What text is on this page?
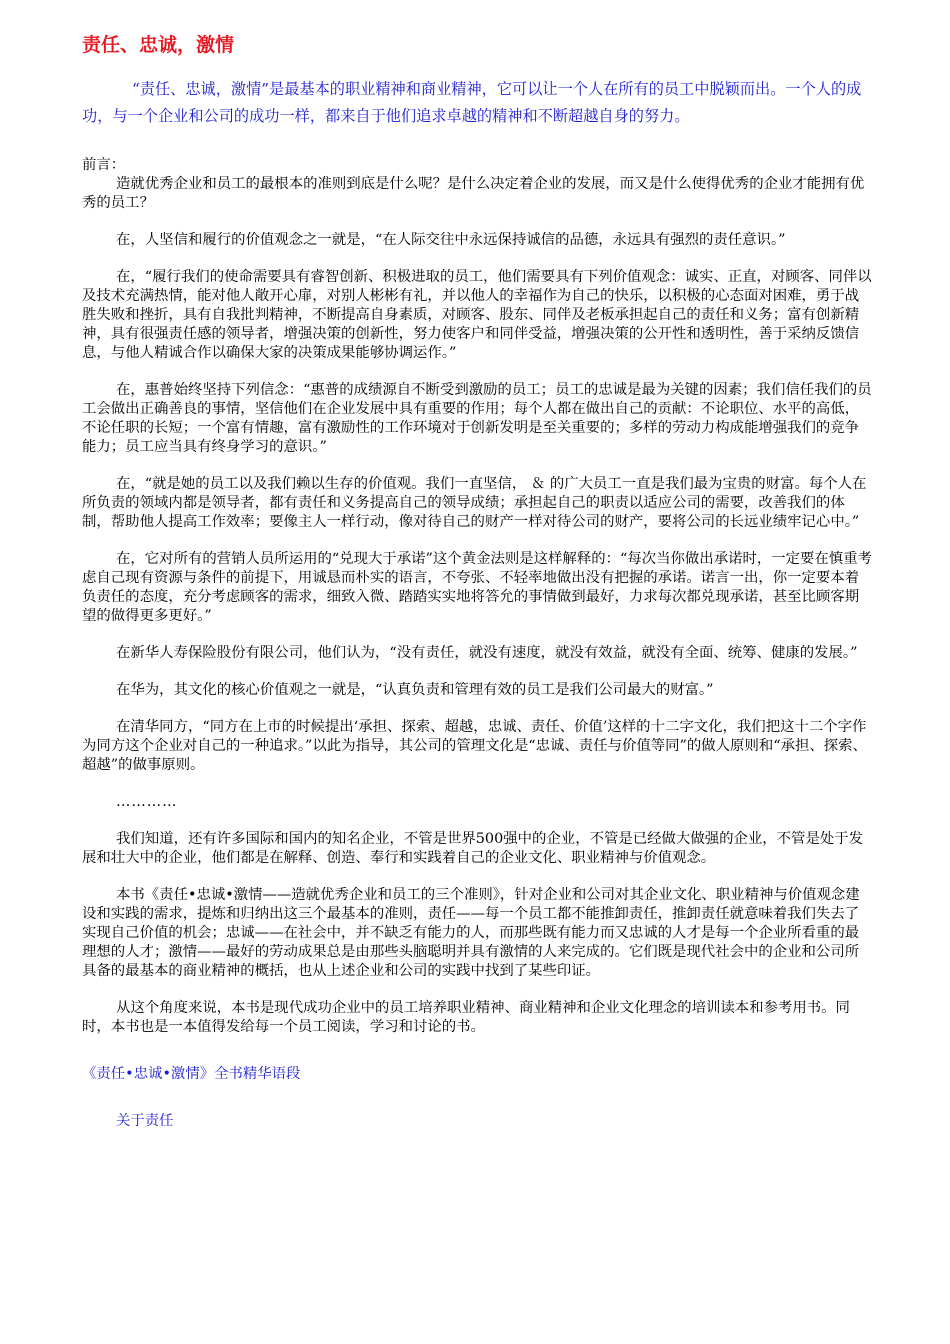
责任、忠诚，激情

“责任、忠诚，激情”是最基本的职业精神和商业精神，它可以让一个人在所有的员工中脱颖而出。一个人的成功，与一个企业和公司的成功一样，都来自于他们追求卓越的精神和不断超越自身的努力。

前言：

造就优秀企业和员工的最根本的准则到底是什么呢？是什么决定着企业的发展，而又是什么使得优秀的企业才能拥有优秀的员工？

在，人坚信和履行的价值观念之一就是，“在人际交往中永远保持诚信的品德，永远具有强烈的责任意识。”

在，“履行我们的使命需要具有睿智创新、积极进取的员工，他们需要具有下列价值观念：诚实、正直，对顾客、同伴以及技术充满热情，能对他人敞开心扉，对别人彬彬有礼，并以他人的幸福作为自己的快乐，以积极的心态面对困难，勇于战胜失败和挫折，具有自我批判精神，不断提高自身素质，对顾客、股东、同伴及老板承担起自己的责任和义务；富有创新精神，具有很强责任感的领导者，增强决策的创新性，努力使客户和同伴受益，增强决策的公开性和透明性，善于采纳反馈信息，与他人精诚合作以确保大家的决策成果能够协调运作。”

在，惠普始终坚持下列信念：“惠普的成绩源自不断受到激励的员工；员工的忠诚是最为关键的因素；我们信任我们的员工会做出正确善良的事情，坚信他们在企业发展中具有重要的作用；每个人都在做出自己的贡献：不论职位、水平的高低，不论任职的长短；一个富有情趣，富有激励性的工作环境对于创新发明是至关重要的；多样的劳动力构成能增强我们的竞争能力；员工应当具有终身学习的意识。”

在，“就是她的员工以及我们赖以生存的价值观。我们一直坚信， ＆ 的广大员工一直是我们最为宝贵的财富。每个人在所负责的领域内都是领导者，都有责任和义务提高自己的领导成绩；承担起自己的职责以适应公司的需要，改善我们的体制，帮助他人提高工作效率；要像主人一样行动，像对待自己的财产一样对待公司的财产，要将公司的长远业绩牢记心中。”

在，它对所有的营销人员所运用的“兑现大于承诺”这个黄金法则是这样解释的：“每次当你做出承诺时，一定要在慎重考虑自己现有资源与条件的前提下，用诚恳而朴实的语言，不夸张、不轻率地做出没有把握的承诺。诺言一出，你一定要本着负责任的态度，充分考虑顾客的需求，细致入微、踏踏实实地将答允的事情做到最好，力求每次都兑现承诺，甚至比顾客期望的做得更多更好。”

在新华人寿保险股份有限公司，他们认为，“没有责任，就没有速度，就没有效益，就没有全面、统筹、健康的发展。”

在华为，其文化的核心价值观之一就是，“认真负责和管理有效的员工是我们公司最大的财富。”

在清华同方，“同方在上市的时候提出‘承担、探索、超越，忠诚、责任、价值’这样的十二字文化，我们把这十二个字作为同方这个企业对自己的一种追求。”以此为指导，其公司的管理文化是“忠诚、责任与价值等同”的做人原则和“承担、探索、超越”的做事原则。

…………

我们知道，还有许多国际和国内的知名企业，不管是世界500强中的企业，不管是已经做大做强的企业，不管是处于发展和壮大中的企业，他们都是在解释、创造、奉行和实践着自己的企业文化、职业精神与价值观念。

本书《责任•忠诚•激情——造就优秀企业和员工的三个准则》，针对企业和公司对其企业文化、职业精神与价值观念建设和实践的需求，提炼和归纳出这三个最基本的准则，责任——每一个员工都不能推卸责任，推卸责任就意味着我们失去了实现自己价值的机会；忠诚——在社会中，并不缺乏有能力的人，而那些既有能力而又忠诚的人才是每一个企业所看重的最理想的人才；激情——最好的劳动成果总是由那些头脑聪明并具有激情的人来完成的。它们既是现代社会中的企业和公司所具备的最基本的商业精神的概括，也从上述企业和公司的实践中找到了某些印证。

从这个角度来说，本书是现代成功企业中的员工培养职业精神、商业精神和企业文化理念的培训读本和参考用书。同时，本书也是一本值得发给每一个员工阅读，学习和讨论的书。

《责任•忠诚•激情》全书精华语段

关于责任
